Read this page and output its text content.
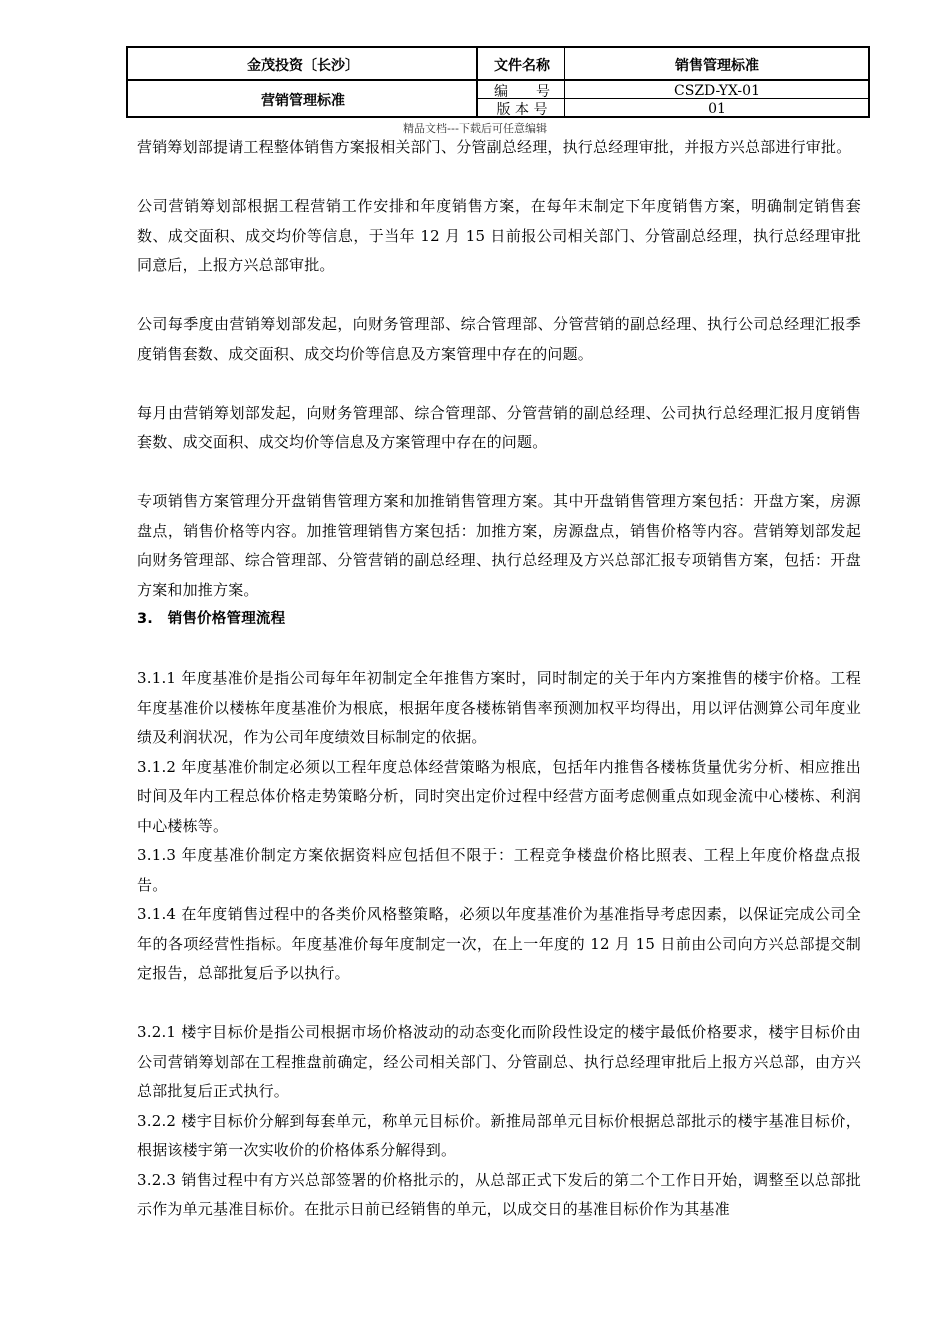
金茂投资〔长沙〕	文件名称	销售管理标准
营销管理标准
编　　号	CSZD-YX-01
版 本 号	01
精品文档---下载后可任意编辑

营销筹划部提请工程整体销售方案报相关部门、分管副总经理，执行总经理审批，并报方兴总部进行审批。

公司营销筹划部根据工程营销工作安排和年度销售方案，在每年末制定下年度销售方案，明确制定销售套数、成交面积、成交均价等信息，于当年 12 月 15 日前报公司相关部门、分管副总经理，执行总经理审批同意后，上报方兴总部审批。

公司每季度由营销筹划部发起，向财务管理部、综合管理部、分管营销的副总经理、执行公司总经理汇报季度销售套数、成交面积、成交均价等信息及方案管理中存在的问题。

每月由营销筹划部发起，向财务管理部、综合管理部、分管营销的副总经理、公司执行总经理汇报月度销售套数、成交面积、成交均价等信息及方案管理中存在的问题。

专项销售方案管理分开盘销售管理方案和加推销售管理方案。其中开盘销售管理方案包括：开盘方案，房源盘点，销售价格等内容。加推管理销售方案包括：加推方案，房源盘点，销售价格等内容。营销筹划部发起向财务管理部、综合管理部、分管营销的副总经理、执行总经理及方兴总部汇报专项销售方案，包括：开盘方案和加推方案。

3.　销售价格管理流程

3.1.1 年度基准价是指公司每年年初制定全年推售方案时，同时制定的关于年内方案推售的楼宇价格。工程年度基准价以楼栋年度基准价为根底，根据年度各楼栋销售率预测加权平均得出，用以评估测算公司年度业绩及利润状况，作为公司年度绩效目标制定的依据。

3.1.2 年度基准价制定必须以工程年度总体经营策略为根底，包括年内推售各楼栋货量优劣分析、相应推出时间及年内工程总体价格走势策略分析，同时突出定价过程中经营方面考虑侧重点如现金流中心楼栋、利润中心楼栋等。

3.1.3 年度基准价制定方案依据资料应包括但不限于：工程竞争楼盘价格比照表、工程上年度价格盘点报告。

3.1.4 在年度销售过程中的各类价风格整策略，必须以年度基准价为基准指导考虑因素，以保证完成公司全年的各项经营性指标。年度基准价每年度制定一次，在上一年度的 12 月 15 日前由公司向方兴总部提交制定报告，总部批复后予以执行。

3.2.1 楼宇目标价是指公司根据市场价格波动的动态变化而阶段性设定的楼宇最低价格要求，楼宇目标价由公司营销筹划部在工程推盘前确定，经公司相关部门、分管副总、执行总经理审批后上报方兴总部，由方兴总部批复后正式执行。

3.2.2 楼宇目标价分解到每套单元，称单元目标价。新推局部单元目标价根据总部批示的楼宇基准目标价，根据该楼宇第一次实收价的价格体系分解得到。

3.2.3 销售过程中有方兴总部签署的价格批示的，从总部正式下发后的第二个工作日开始，调整至以总部批示作为单元基准目标价。在批示日前已经销售的单元，以成交日的基准目标价作为其基准
